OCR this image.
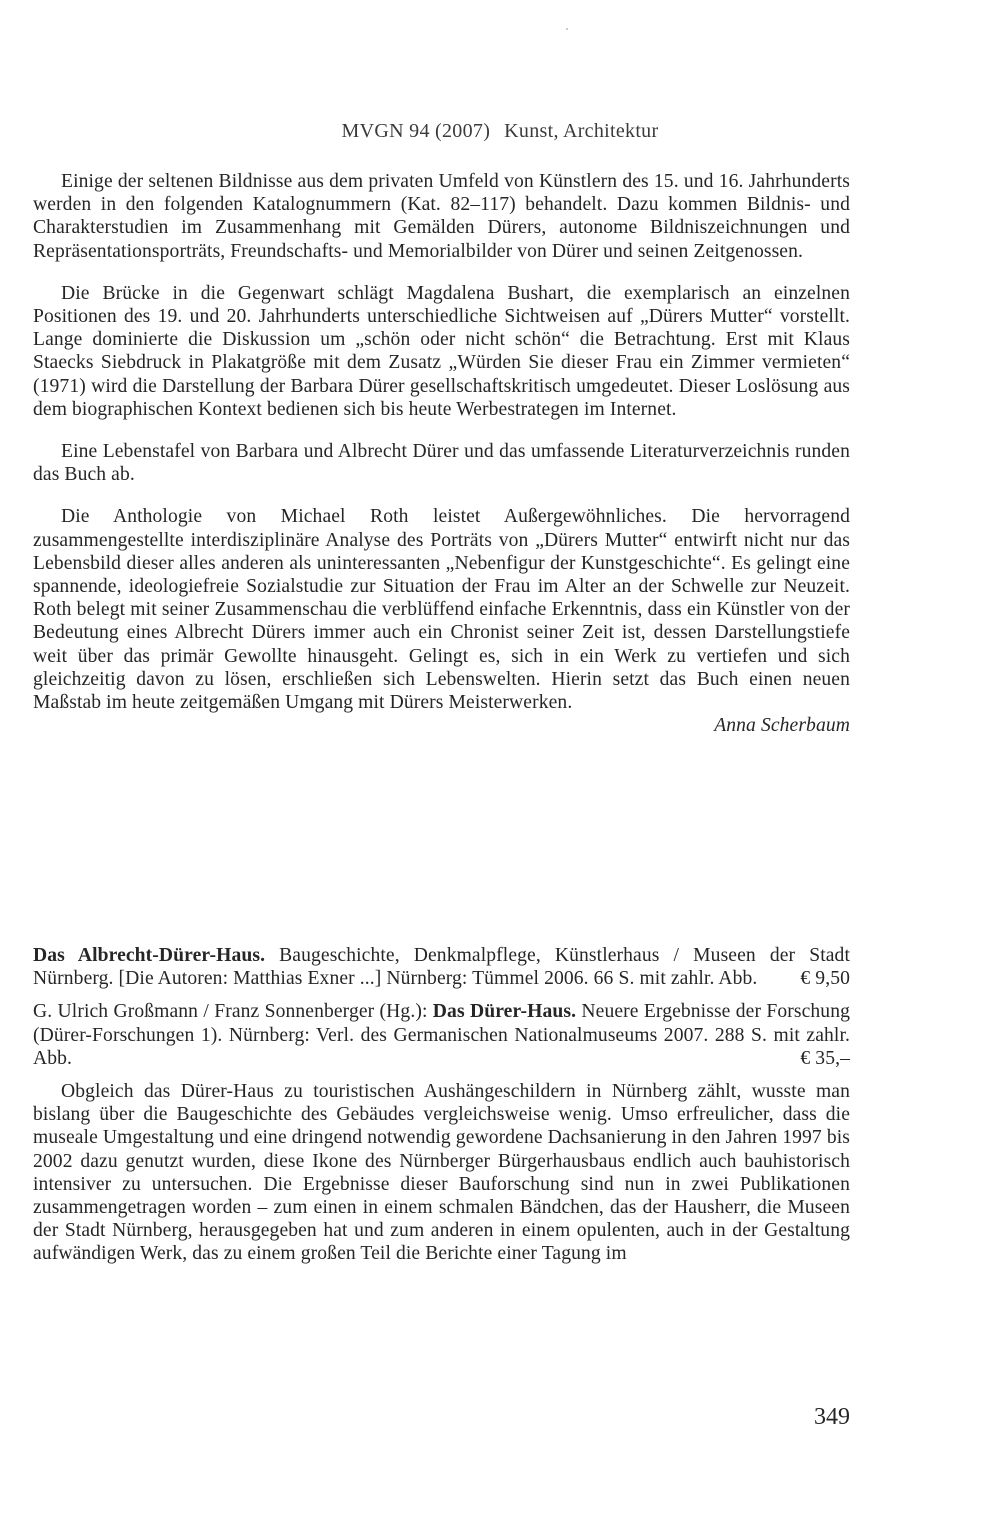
MVGN 94 (2007) Kunst, Architektur

Einige der seltenen Bildnisse aus dem privaten Umfeld von Künstlern des 15. und 16. Jahrhunderts werden in den folgenden Katalognummern (Kat. 82–117) behandelt. Dazu kommen Bildnis- und Charakterstudien im Zusammenhang mit Gemälden Dürers, autonome Bildniszeichnungen und Repräsentationsporträts, Freundschafts- und Memorialbilder von Dürer und seinen Zeitgenossen.

Die Brücke in die Gegenwart schlägt Magdalena Bushart, die exemplarisch an einzelnen Positionen des 19. und 20. Jahrhunderts unterschiedliche Sichtweisen auf „Dürers Mutter“ vorstellt. Lange dominierte die Diskussion um „schön oder nicht schön“ die Betrachtung. Erst mit Klaus Staecks Siebdruck in Plakatgröße mit dem Zusatz „Würden Sie dieser Frau ein Zimmer vermieten“ (1971) wird die Darstellung der Barbara Dürer gesellschaftskritisch umgedeutet. Dieser Loslösung aus dem biographischen Kontext bedienen sich bis heute Werbestrategen im Internet.

Eine Lebenstafel von Barbara und Albrecht Dürer und das umfassende Literaturverzeichnis runden das Buch ab.

Die Anthologie von Michael Roth leistet Außergewöhnliches. Die hervorragend zusammengestellte interdisziplinäre Analyse des Porträts von „Dürers Mutter“ entwirft nicht nur das Lebensbild dieser alles anderen als uninteressanten „Nebenfigur der Kunstgeschichte“. Es gelingt eine spannende, ideologiefreie Sozialstudie zur Situation der Frau im Alter an der Schwelle zur Neuzeit. Roth belegt mit seiner Zusammenschau die verblüffend einfache Erkenntnis, dass ein Künstler von der Bedeutung eines Albrecht Dürers immer auch ein Chronist seiner Zeit ist, dessen Darstellungstiefe weit über das primär Gewollte hinausgeht. Gelingt es, sich in ein Werk zu vertiefen und sich gleichzeitig davon zu lösen, erschließen sich Lebenswelten. Hierin setzt das Buch einen neuen Maßstab im heute zeitgemäßen Umgang mit Dürers Meisterwerken.

Anna Scherbaum

Das Albrecht-Dürer-Haus. Baugeschichte, Denkmalpflege, Künstlerhaus / Museen der Stadt Nürnberg. [Die Autoren: Matthias Exner ...] Nürnberg: Tümmel 2006. 66 S. mit zahlr. Abb. € 9,50

G. Ulrich Großmann / Franz Sonnenberger (Hg.): Das Dürer-Haus. Neuere Ergebnisse der Forschung (Dürer-Forschungen 1). Nürnberg: Verl. des Germanischen Nationalmuseums 2007. 288 S. mit zahlr. Abb.	€ 35,–

Obgleich das Dürer-Haus zu touristischen Aushängeschildern in Nürnberg zählt, wusste man bislang über die Baugeschichte des Gebäudes vergleichsweise wenig. Umso erfreulicher, dass die museale Umgestaltung und eine dringend notwendig gewordene Dachsanierung in den Jahren 1997 bis 2002 dazu genutzt wurden, diese Ikone des Nürnberger Bürgerhausbaus endlich auch bauhistorisch intensiver zu untersuchen. Die Ergebnisse dieser Bauforschung sind nun in zwei Publikationen zusammengetragen worden – zum einen in einem schmalen Bändchen, das der Hausherr, die Museen der Stadt Nürnberg, herausgegeben hat und zum anderen in einem opulenten, auch in der Gestaltung aufwändigen Werk, das zu einem großen Teil die Berichte einer Tagung im

349
